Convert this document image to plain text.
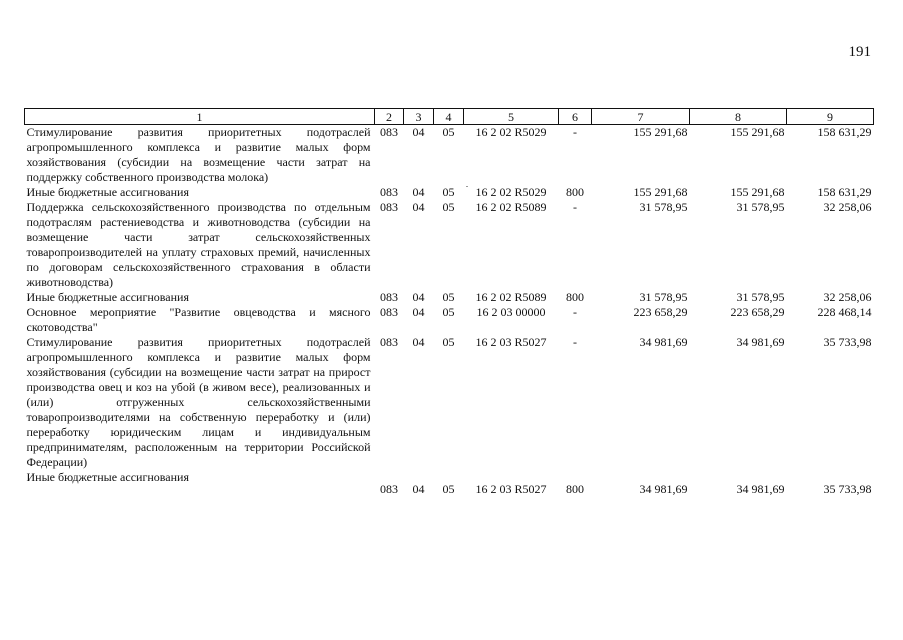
191
1	2	3	4	5	6	7	8	9
Стимулирование развития приоритетных подотраслей агропромышленного комплекса и развитие малых форм хозяйствования (субсидии на возмещение части затрат на поддержку собственного производства молока)	083	04	05	16 2 02 R5029	-	155 291,68	155 291,68	158 631,29
Иные бюджетные ассигнования	083	04	05	16 2 02 R5029	800	155 291,68	155 291,68	158 631,29
Поддержка сельскохозяйственного производства по отдельным подотраслям растениеводства и животноводства (субсидии на возмещение части затрат сельскохозяйственных товаропроизводителей на уплату страховых премий, начисленных по договорам сельскохозяйственного страхования в области животноводства)	083	04	05	16 2 02 R5089	-	31 578,95	31 578,95	32 258,06
Иные бюджетные ассигнования	083	04	05	16 2 02 R5089	800	31 578,95	31 578,95	32 258,06
Основное мероприятие "Развитие овцеводства и мясного скотоводства"	083	04	05	16 2 03 00000	-	223 658,29	223 658,29	228 468,14
Стимулирование развития приоритетных подотраслей агропромышленного комплекса и развитие малых форм хозяйствования (субсидии на возмещение части затрат на прирост производства овец и коз на убой (в живом весе), реализованных и (или) отгруженных сельскохозяйственными товаропроизводителями на собственную переработку и (или) переработку юридическим лицам и индивидуальным предпринимателям, расположенным на территории Российской Федерации)	083	04	05	16 2 03 R5027	-	34 981,69	34 981,69	35 733,98
Иные бюджетные ассигнования	083	04	05	16 2 03 R5027	800	34 981,69	34 981,69	35 733,98
